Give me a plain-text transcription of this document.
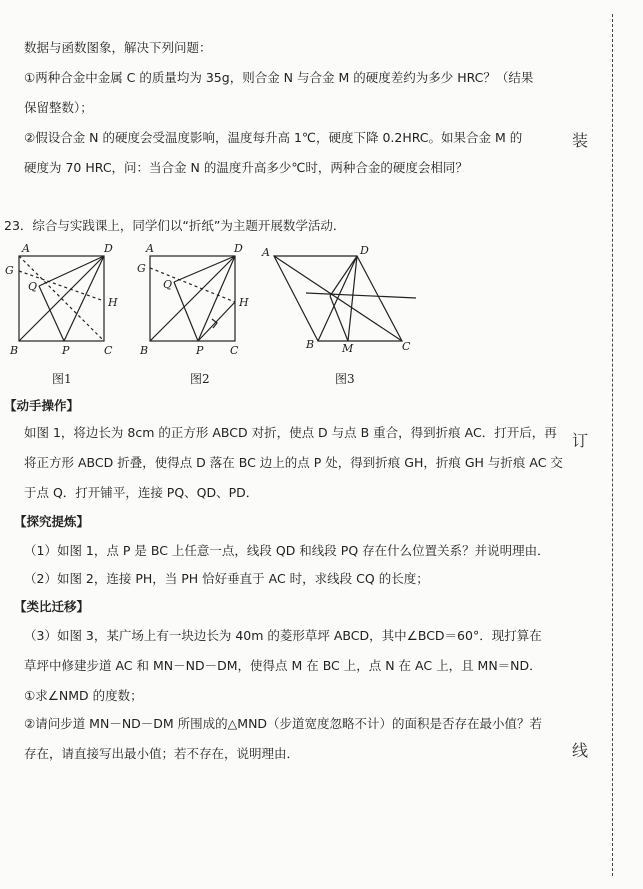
数据与函数图象，解决下列问题：
①两种合金中金属 C 的质量均为 35g，则合金 N 与合金 M 的硬度差约为多少 HRC？（结果
保留整数）；
②假设合金 N 的硬度会受温度影响，温度每升高 1℃，硬度下降 0.2HRC。如果合金 M 的
硬度为 70 HRC，问：当合金 N 的温度升高多少℃时，两种合金的硬度会相同？
23．综合与实践课上，同学们以“折纸”为主题开展数学活动．
A	D
G
Q
H
B	P	C
A	D
G
Q
H
B	P C
A	D
B	M	C
图1	图2	图3
【动手操作】
如图 1，将边长为 8cm 的正方形 ABCD 对折，使点 D 与点 B 重合，得到折痕 AC．打开后，再
将正方形 ABCD 折叠，使得点 D 落在 BC 边上的点 P 处，得到折痕 GH，折痕 GH 与折痕 AC 交
于点 Q．打开铺平，连接 PQ、QD、PD．
【探究提炼】
（1）如图 1，点 P 是 BC 上任意一点，线段 QD 和线段 PQ 存在什么位置关系？并说明理由．
（2）如图 2，连接 PH，当 PH 恰好垂直于 AC 时，求线段 CQ 的长度；
【类比迁移】
（3）如图 3，某广场上有一块边长为 40m 的菱形草坪 ABCD，其中∠BCD＝60°．现打算在
草坪中修建步道 AC 和 MN－ND－DM，使得点 M 在 BC 上，点 N 在 AC 上，且 MN＝ND．
①求∠NMD 的度数；
②请问步道 MN－ND－DM 所围成的△MND（步道宽度忽略不计）的面积是否存在最小值？若
存在，请直接写出最小值；若不存在，说明理由．
装
订
线
